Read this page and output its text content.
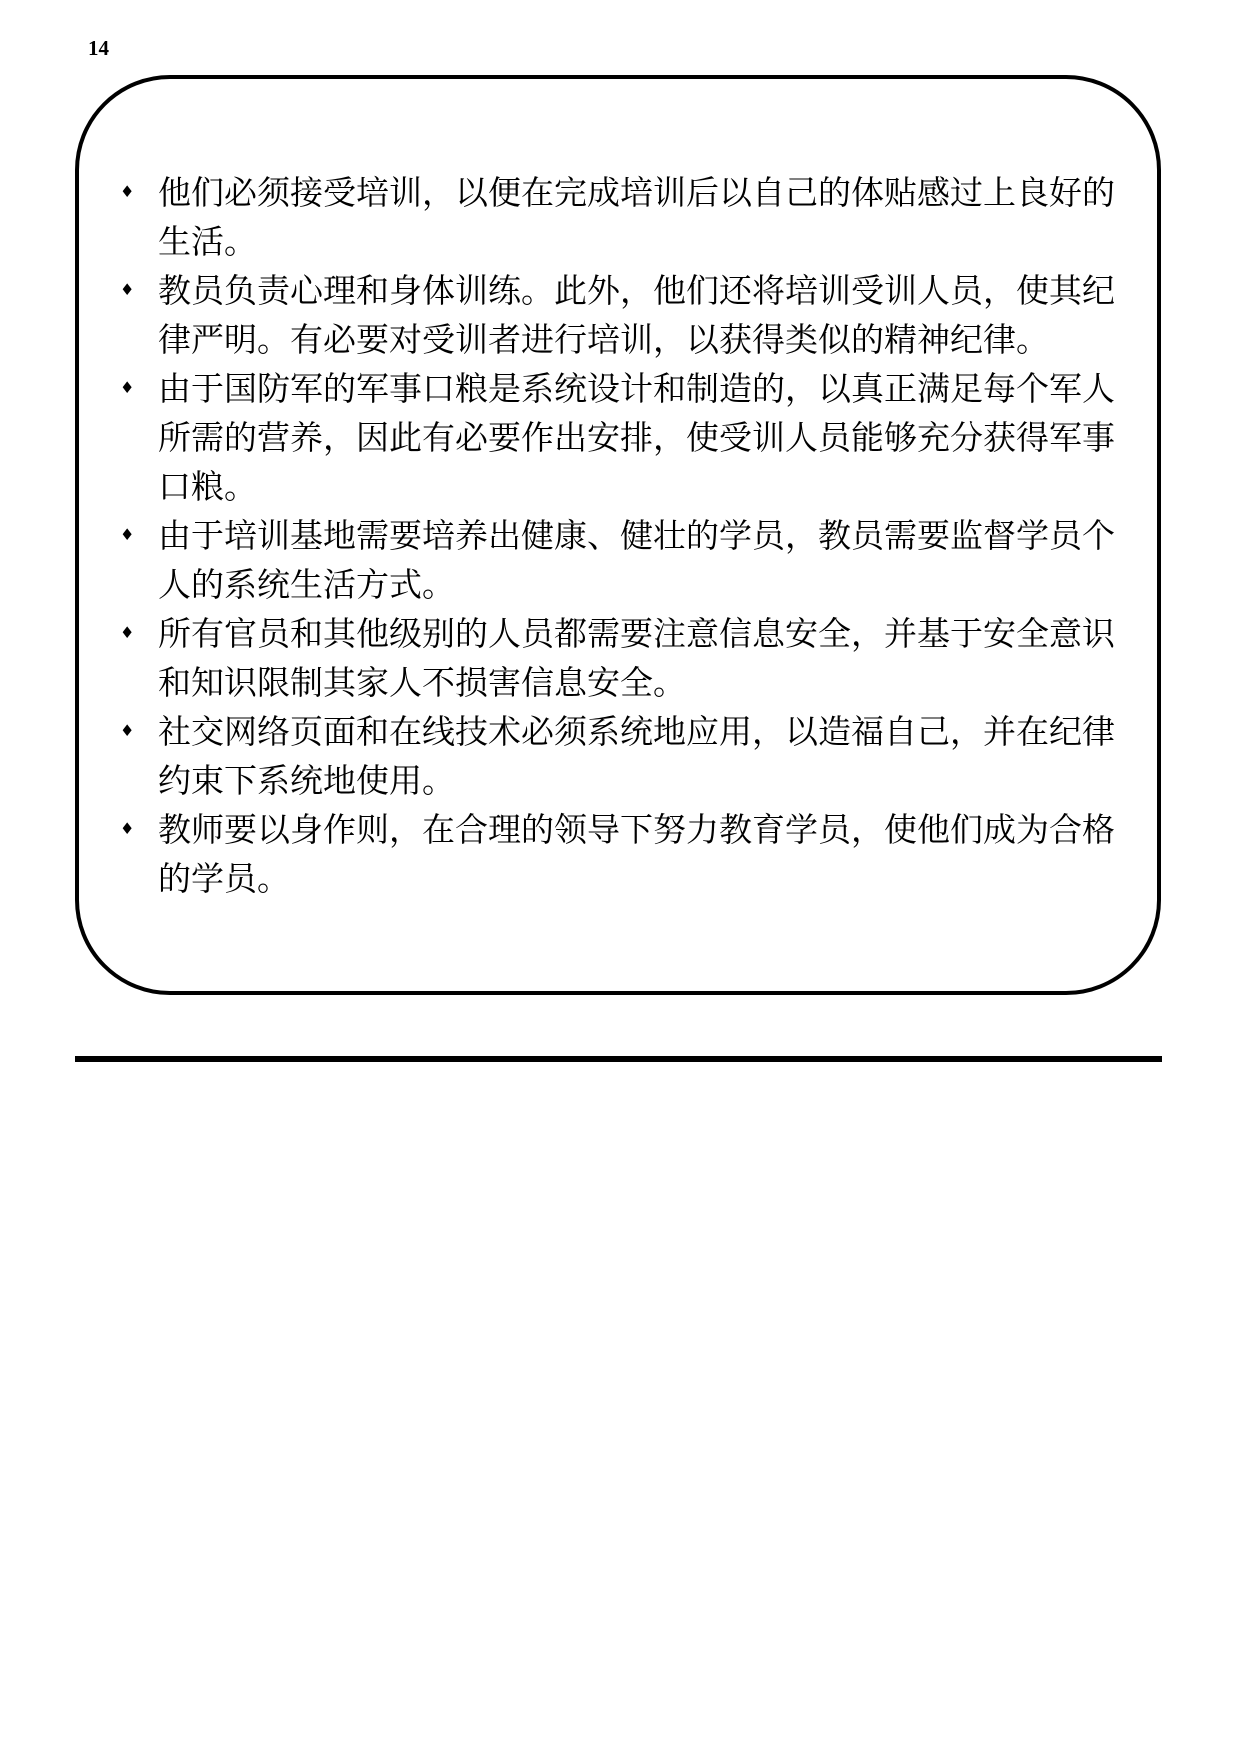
14
♦ 他们必须接受培训，以便在完成培训后以自己的体贴感过上良好的生活。
♦ 教员负责心理和身体训练。此外，他们还将培训受训人员，使其纪律严明。有必要对受训者进行培训，以获得类似的精神纪律。
♦ 由于国防军的军事口粮是系统设计和制造的，以真正满足每个军人所需的营养，因此有必要作出安排，使受训人员能够充分获得军事口粮。
♦ 由于培训基地需要培养出健康、健壮的学员，教员需要监督学员个人的系统生活方式。
♦ 所有官员和其他级别的人员都需要注意信息安全，并基于安全意识和知识限制其家人不损害信息安全。
♦ 社交网络页面和在线技术必须系统地应用，以造福自己，并在纪律约束下系统地使用。
♦ 教师要以身作则，在合理的领导下努力教育学员，使他们成为合格的学员。
